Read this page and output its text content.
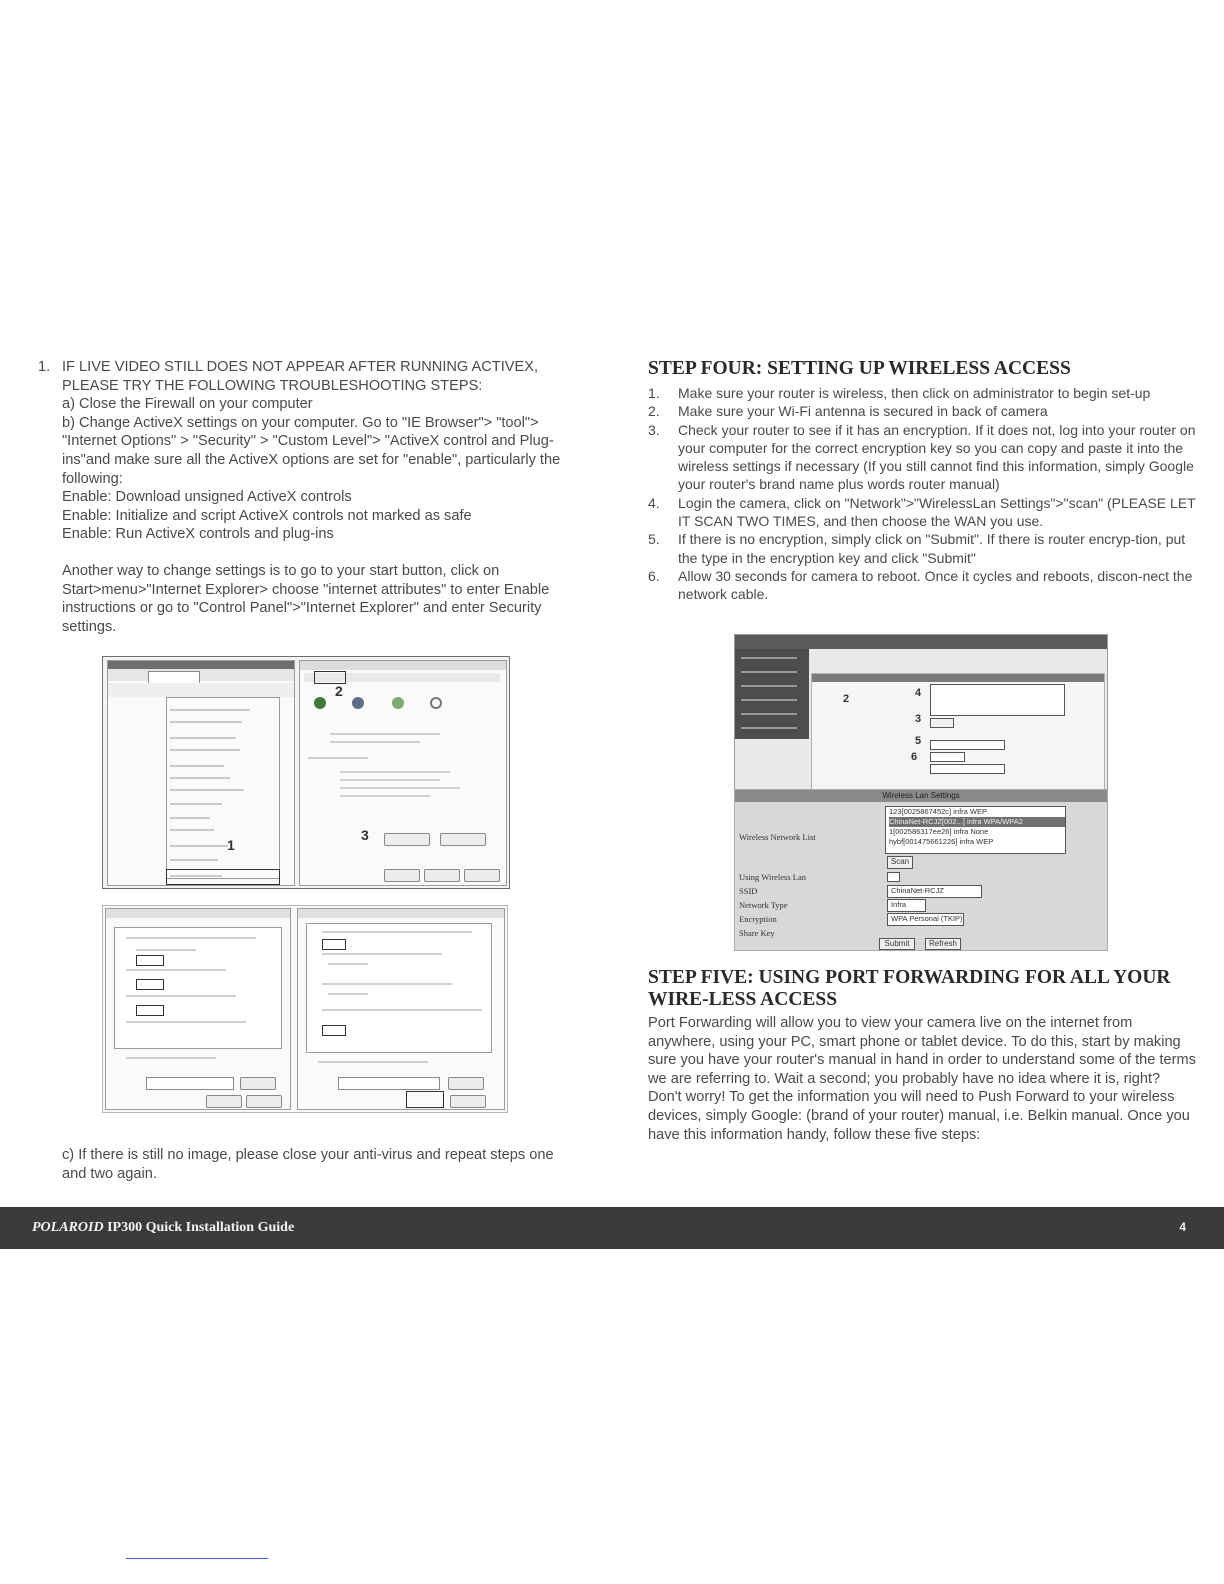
1. IF LIVE VIDEO STILL DOES NOT APPEAR AFTER RUNNING ACTIVEX,

PLEASE TRY THE FOLLOWING TROUBLESHOOTING STEPS:

a) Close the Firewall on your computer

b) Change ActiveX settings on your computer. Go to "IE Browser"> "tool"> "Internet Options" > "Security" > "Custom Level"> "ActiveX control and Plug-ins"and make sure all the ActiveX options are set for "enable", particularly the following:

Enable: Download unsigned ActiveX controls

Enable: Initialize and script ActiveX controls not marked as safe

Enable: Run ActiveX controls and plug-ins

Another way to change settings is to go to your start button, click on Start>menu>"Internet Explorer> choose "internet attributes" to enter Enable instructions or go to "Control Panel">"Internet Explorer" and enter Security settings.

1
2
3

c) If there is still no image, please close your anti-virus and repeat steps one and two again.

STEP FOUR: SETTING UP WIRELESS ACCESS
1. Make sure your router is wireless, then click on administrator to begin set-up
2. Make sure your Wi-Fi antenna is secured in back of camera
3. Check your router to see if it has an encryption. If it does not, log into your router on your computer for the correct encryption key so you can copy and paste it into the wireless settings if necessary (If you still cannot find this information, simply Google your router's brand name plus words router manual)
4. Login the camera, click on "Network">"WirelessLan Settings">"scan" (PLEASE LET IT SCAN TWO TIMES, and then choose the WAN you use.
5. If there is no encryption, simply click on "Submit". If there is router encryp-tion, put the type in the encryption key and click "Submit"
6. Allow 30 seconds for camera to reboot. Once it cycles and reboots, discon-nect the network cable.
4
2
3
5
6
Wireless Lan Settings
Wireless Network List
123[0025867452c] infra WEP
ChinaNet-RCJZ[002...] infra WPA/WPA2
1[002586317ee26] infra None
hybf[001475661226] infra WEP
Scan
Using Wireless Lan
SSID	ChinaNet-RCJZ
Network Type	Infra
Encryption	WPA Personal (TKIP)
Share Key
Submit	Refresh
STEP FIVE: USING PORT FORWARDING FOR ALL YOUR WIRE-LESS ACCESS

Port Forwarding will allow you to view your camera live on the internet from anywhere, using your PC, smart phone or tablet device. To do this, start by making sure you have your router's manual in hand in order to understand some of the terms we are referring to. Wait a second; you probably have no idea where it is, right? Don't worry! To get the information you will need to Push Forward to your wireless devices, simply Google: (brand of your router) manual, i.e. Belkin manual. Once you have this information handy, follow these five steps:

POLAROID IP300 Quick Installation Guide	4
